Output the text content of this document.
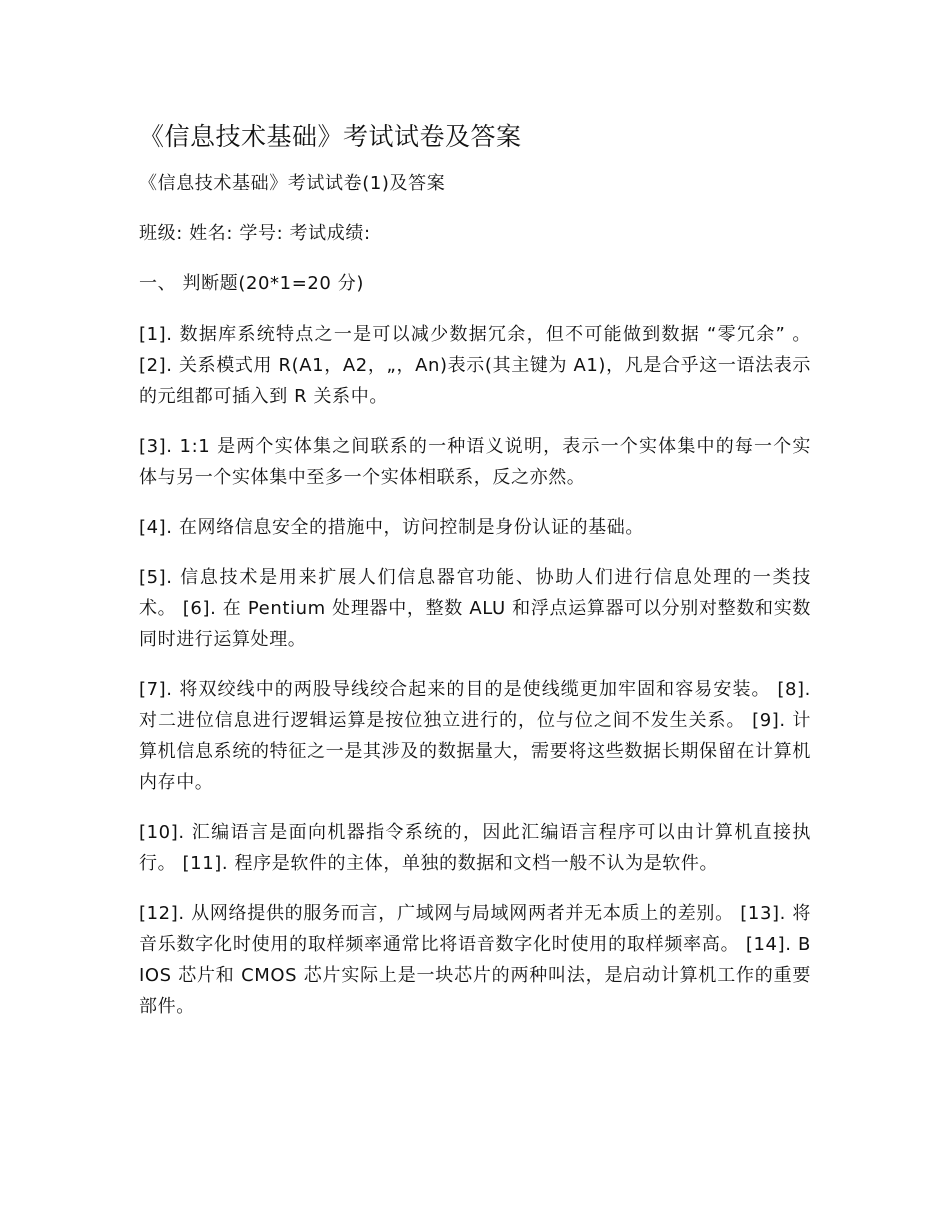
《信息技术基础》考试试卷及答案
《信息技术基础》考试试卷(1)及答案
班级: 姓名: 学号: 考试成绩:
一、 判断题(20*1=20 分)

[1]. 数据库系统特点之一是可以减少数据冗余，但不可能做到数据 “零冗余” 。 [2]. 关系模式用 R(A1，A2，„，An)表示(其主键为 A1)，凡是合乎这一语法表示的元组都可插入到 R 关系中。

[3]. 1:1 是两个实体集之间联系的一种语义说明，表示一个实体集中的每一个实体与另一个实体集中至多一个实体相联系，反之亦然。

[4]. 在网络信息安全的措施中，访问控制是身份认证的基础。

[5]. 信息技术是用来扩展人们信息器官功能、协助人们进行信息处理的一类技术。 [6]. 在 Pentium 处理器中，整数 ALU 和浮点运算器可以分别对整数和实数同时进行运算处理。

[7]. 将双绞线中的两股导线绞合起来的目的是使线缆更加牢固和容易安装。 [8]. 对二进位信息进行逻辑运算是按位独立进行的，位与位之间不发生关系。 [9]. 计算机信息系统的特征之一是其涉及的数据量大，需要将这些数据长期保留在计算机内存中。

[10]. 汇编语言是面向机器指令系统的，因此汇编语言程序可以由计算机直接执行。 [11]. 程序是软件的主体，单独的数据和文档一般不认为是软件。

[12]. 从网络提供的服务而言，广域网与局域网两者并无本质上的差别。 [13]. 将音乐数字化时使用的取样频率通常比将语音数字化时使用的取样频率高。 [14]. BIOS 芯片和 CMOS 芯片实际上是一块芯片的两种叫法，是启动计算机工作的重要部件。
